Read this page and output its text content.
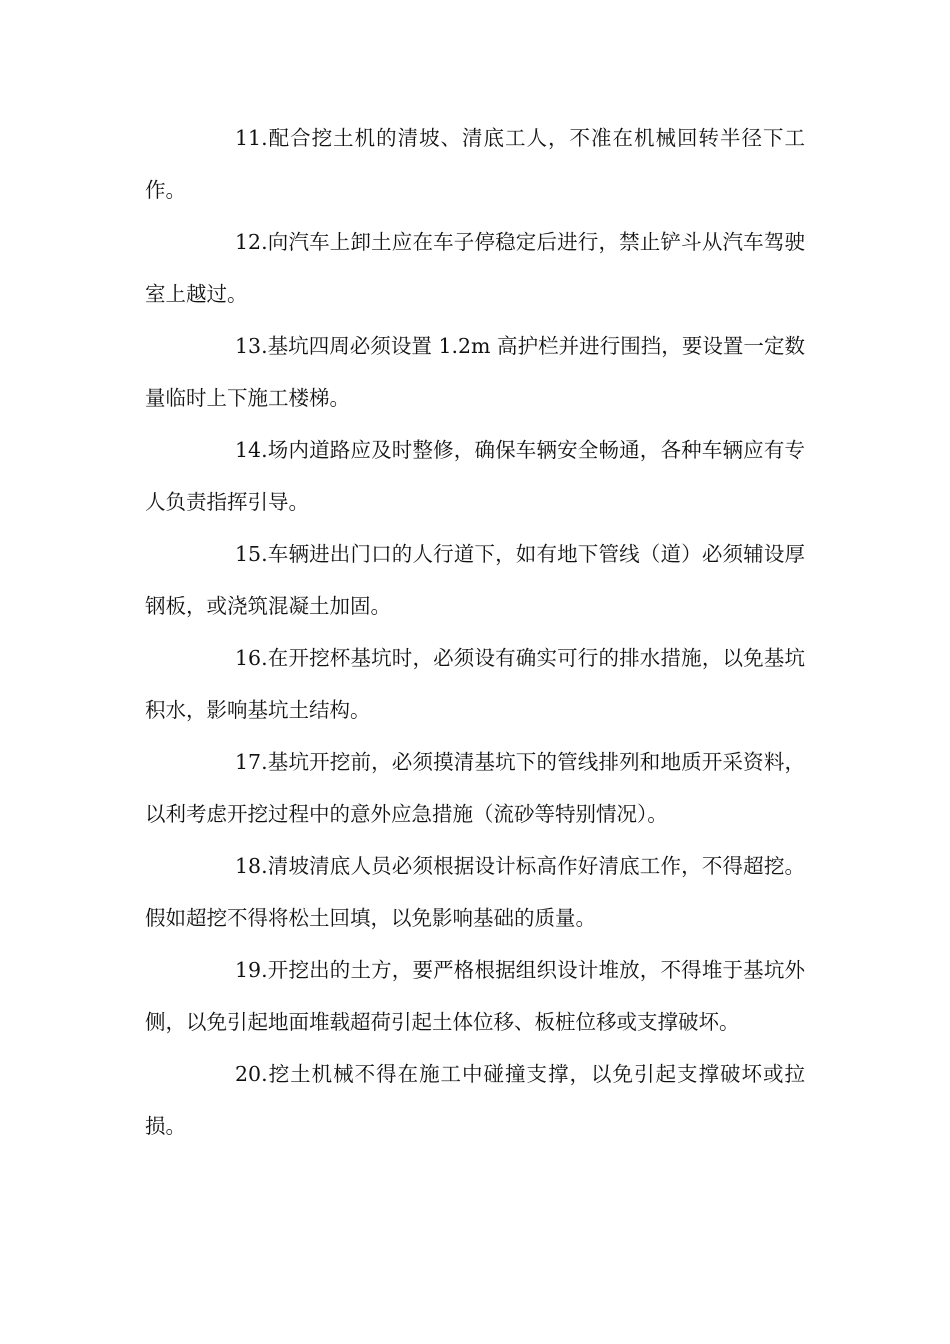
11.配合挖土机的清坡、清底工人，不准在机械回转半径下工作。

12.向汽车上卸土应在车子停稳定后进行，禁止铲斗从汽车驾驶室上越过。

13.基坑四周必须设置 1.2m 高护栏并进行围挡，要设置一定数量临时上下施工楼梯。

14.场内道路应及时整修，确保车辆安全畅通，各种车辆应有专人负责指挥引导。

15.车辆进出门口的人行道下，如有地下管线（道）必须辅设厚钢板，或浇筑混凝土加固。

16.在开挖杯基坑时，必须设有确实可行的排水措施，以免基坑积水，影响基坑土结构。

17.基坑开挖前，必须摸清基坑下的管线排列和地质开采资料，以利考虑开挖过程中的意外应急措施（流砂等特别情况）。

18.清坡清底人员必须根据设计标高作好清底工作，不得超挖。假如超挖不得将松土回填，以免影响基础的质量。

19.开挖出的土方，要严格根据组织设计堆放，不得堆于基坑外侧，以免引起地面堆载超荷引起土体位移、板桩位移或支撑破坏。

20.挖土机械不得在施工中碰撞支撑，以免引起支撑破坏或拉损。
